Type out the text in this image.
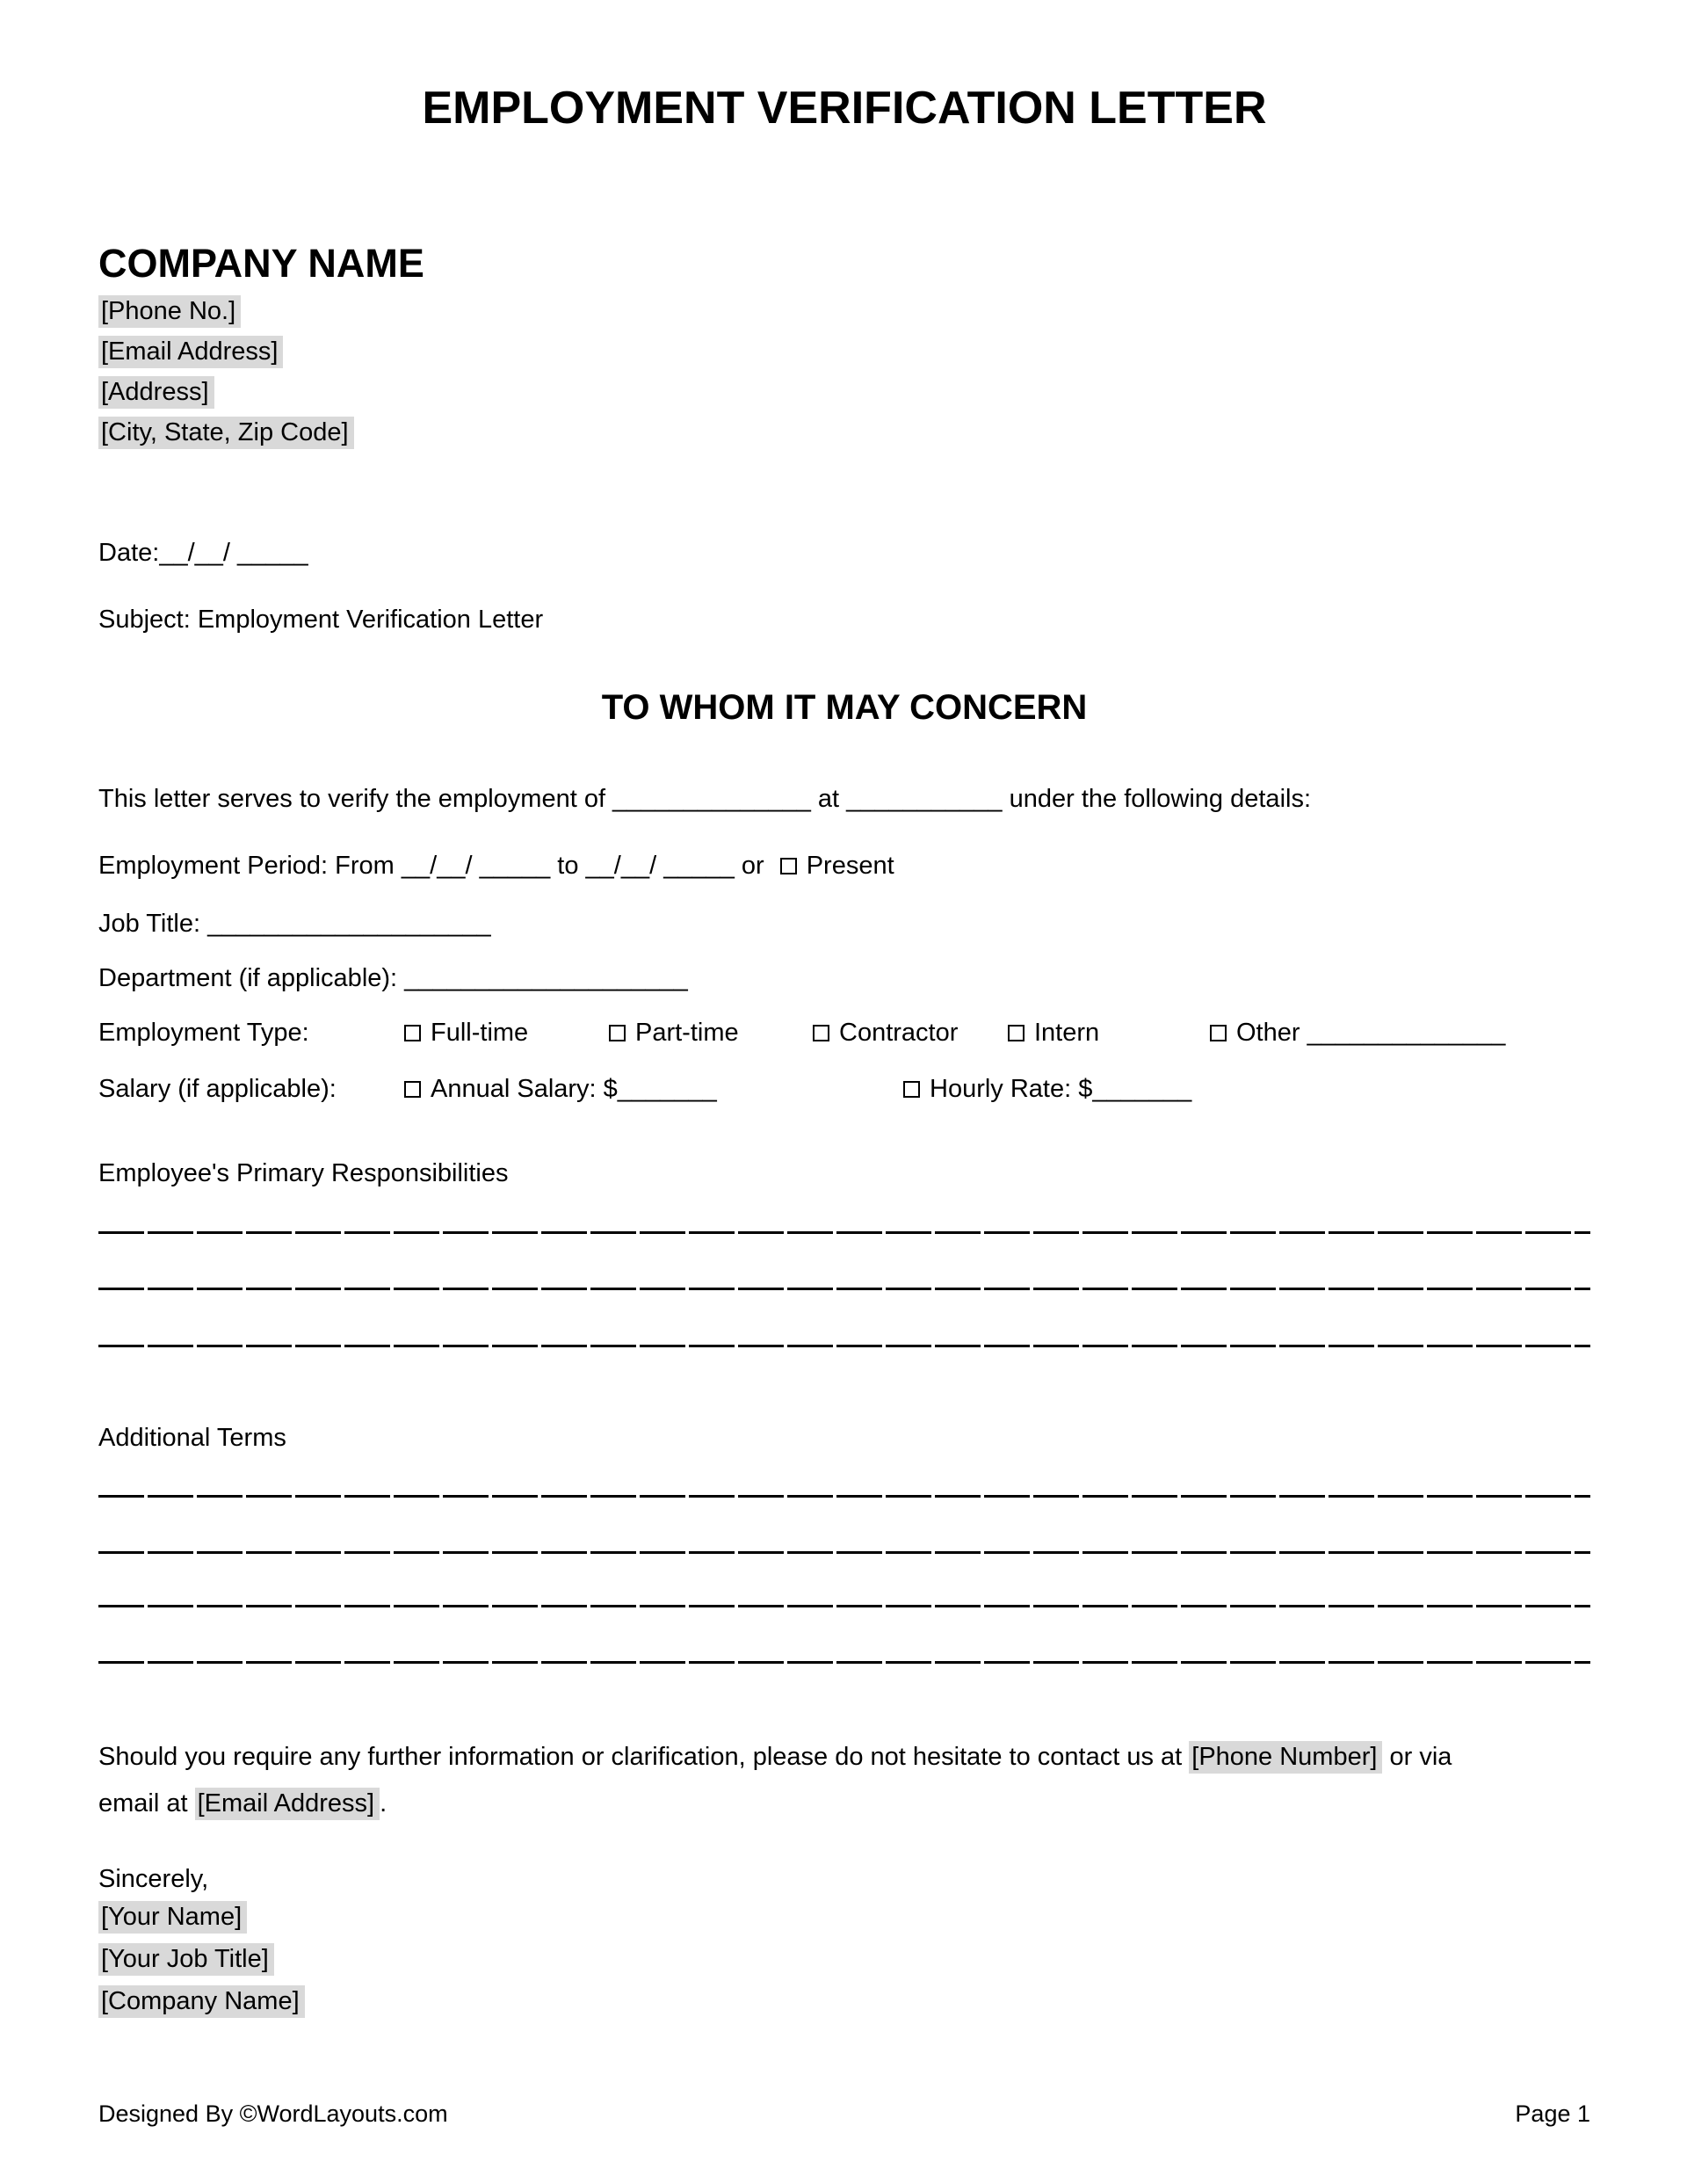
EMPLOYMENT VERIFICATION LETTER
COMPANY NAME
[Phone No.]
[Email Address]
[Address]
[City, State, Zip Code]
Date:__/__/ _____
Subject: Employment Verification Letter
TO WHOM IT MAY CONCERN
This letter serves to verify the employment of ______________ at ___________ under the following details:
Employment Period: From __/__/ _____ to __/__/ _____ or Present
Job Title: ____________________
Department (if applicable): ____________________
Employment Type:	Full-time	Part-time	Contractor	Intern	Other ______________
Salary (if applicable):	Annual Salary: $_______	Hourly Rate: $_______
Employee's Primary Responsibilities
Additional Terms

Should you require any further information or clarification, please do not hesitate to contact us at [Phone Number] or via
email at [Email Address] .

Sincerely,
[Your Name]
[Your Job Title]
[Company Name]
Designed By ©WordLayouts.com	Page 1
